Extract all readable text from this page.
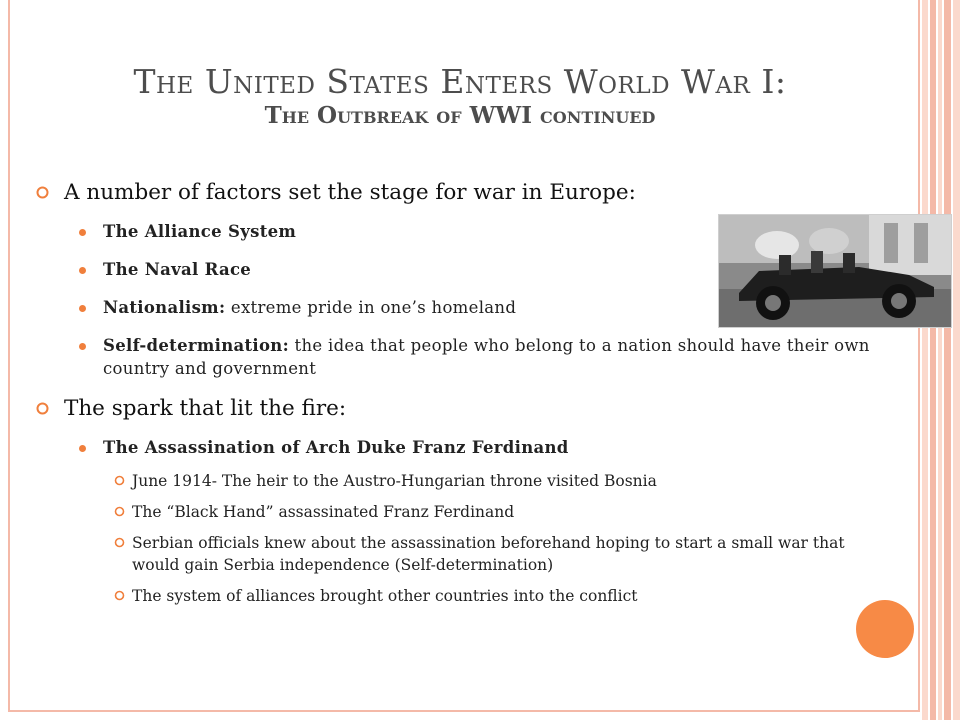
The United States Enters World War I:
The Outbreak of WWI continued
A number of factors set the stage for war in Europe:
The Alliance System
The Naval Race
Nationalism: extreme pride in one’s homeland
Self-determination: the idea that people who belong to a nation should have their own country and government
The spark that lit the fire:
The Assassination of Arch Duke Franz Ferdinand
June 1914- The heir to the Austro-Hungarian throne visited Bosnia
The “Black Hand” assassinated Franz Ferdinand
Serbian officials knew about the assassination beforehand hoping to start a small war that would gain Serbia independence (Self-determination)
The system of alliances brought other countries into the conflict
